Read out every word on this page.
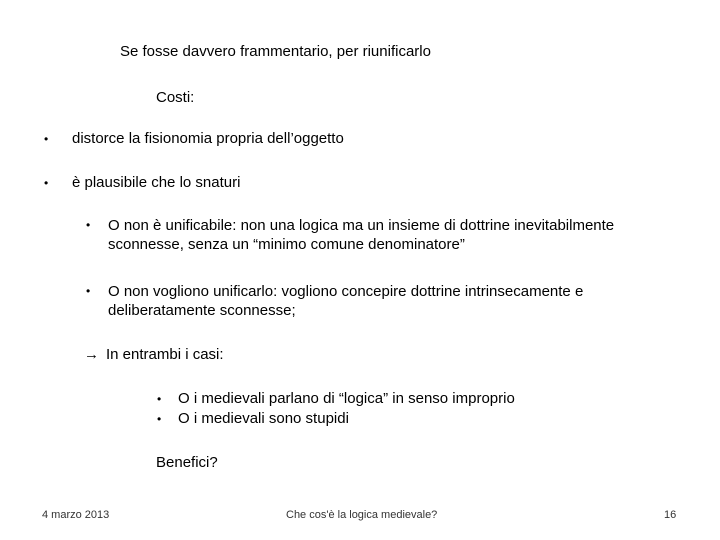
Se fosse davvero frammentario, per riunificarlo
Costi:
• distorce la fisionomia propria dell’oggetto
• è plausibile che lo snaturi
• O non è unificabile: non una logica ma un insieme di dottrine inevitabilmente sconnesse, senza un “minimo comune denominatore”
• O non vogliono unificarlo: vogliono concepire dottrine intrinsecamente e deliberatamente sconnesse;
→ In entrambi i casi:
• O i medievali parlano di “logica” in senso improprio
• O i medievali sono stupidi
Benefici?
4 marzo 2013	Che cos'è la logica medievale?	16
